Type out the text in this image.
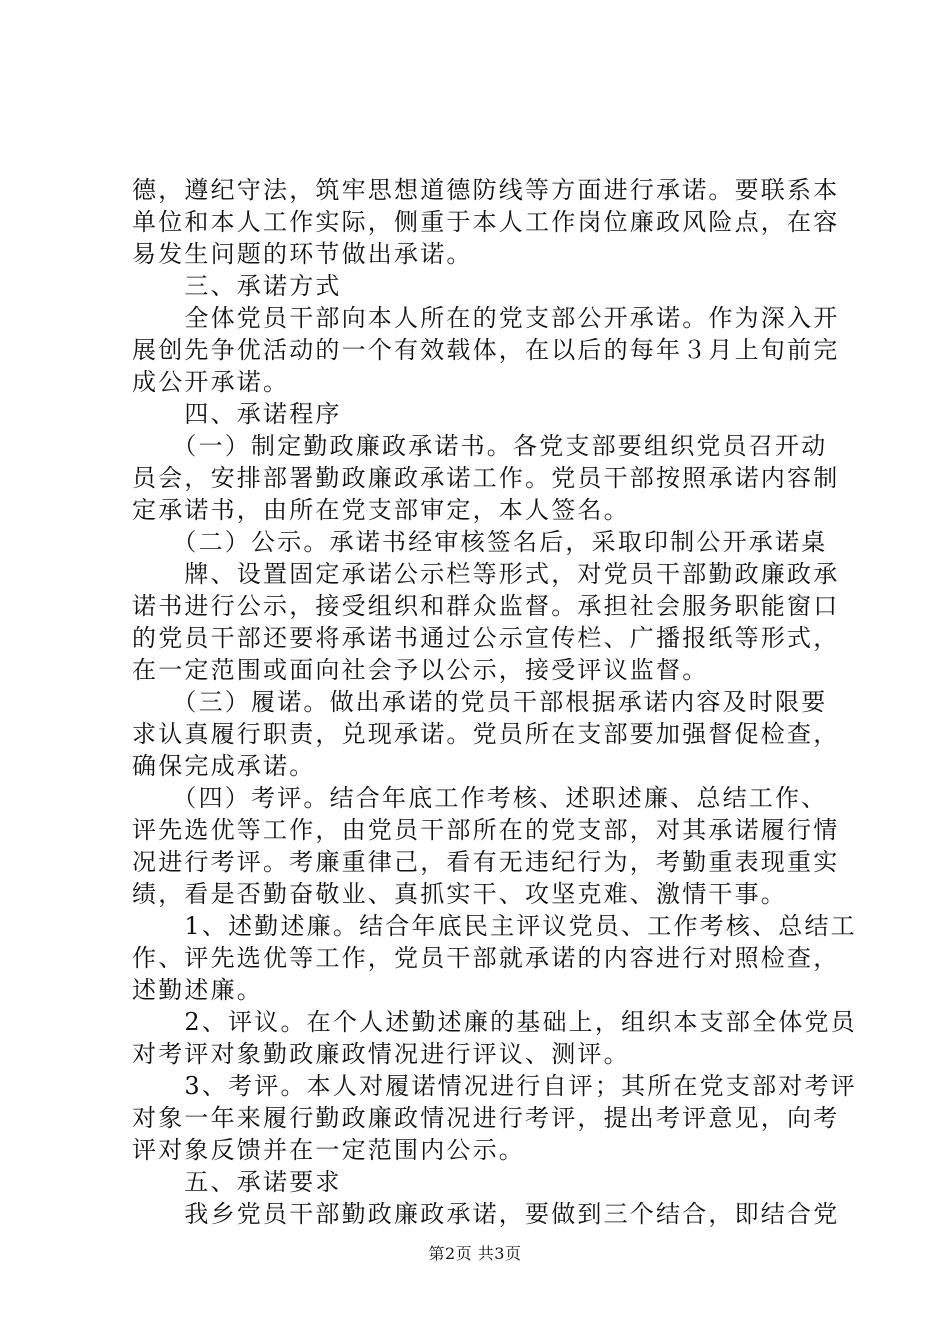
德，遵纪守法，筑牢思想道德防线等方面进行承诺。要联系本
单位和本人工作实际，侧重于本人工作岗位廉政风险点，在容
易发生问题的环节做出承诺。
　　三、承诺方式
　　全体党员干部向本人所在的党支部公开承诺。作为深入开
展创先争优活动的一个有效载体，在以后的每年３月上旬前完
成公开承诺。
　　四、承诺程序
　　（一）制定勤政廉政承诺书。各党支部要组织党员召开动
员会，安排部署勤政廉政承诺工作。党员干部按照承诺内容制
定承诺书，由所在党支部审定，本人签名。
　　（二）公示。承诺书经审核签名后，采取印制公开承诺桌
　　牌、设置固定承诺公示栏等形式，对党员干部勤政廉政承
诺书进行公示，接受组织和群众监督。承担社会服务职能窗口
的党员干部还要将承诺书通过公示宣传栏、广播报纸等形式，
在一定范围或面向社会予以公示，接受评议监督。
　　（三）履诺。做出承诺的党员干部根据承诺内容及时限要
求认真履行职责，兑现承诺。党员所在支部要加强督促检查，
确保完成承诺。
　　（四）考评。结合年底工作考核、述职述廉、总结工作、
评先选优等工作，由党员干部所在的党支部，对其承诺履行情
况进行考评。考廉重律己，看有无违纪行为，考勤重表现重实
绩，看是否勤奋敬业、真抓实干、攻坚克难、激情干事。
　　1、述勤述廉。结合年底民主评议党员、工作考核、总结工
作、评先选优等工作，党员干部就承诺的内容进行对照检查，
述勤述廉。
　　2、评议。在个人述勤述廉的基础上，组织本支部全体党员
对考评对象勤政廉政情况进行评议、测评。
　　3、考评。本人对履诺情况进行自评；其所在党支部对考评
对象一年来履行勤政廉政情况进行考评，提出考评意见，向考
评对象反馈并在一定范围内公示。
　　五、承诺要求
　　我乡党员干部勤政廉政承诺，要做到三个结合，即结合党
第2页 共3页
